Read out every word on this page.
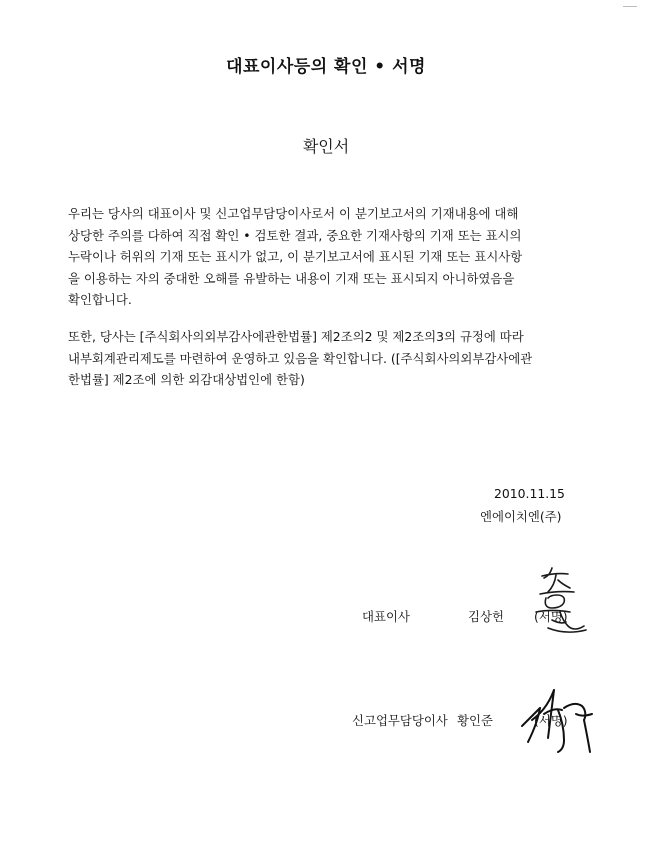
대표이사등의 확인 • 서명
확인서

우리는 당사의 대표이사 및 신고업무담당이사로서 이 분기보고서의 기재내용에 대해
상당한 주의를 다하여 직접 확인 • 검토한 결과, 중요한 기재사항의 기재 또는 표시의
누락이나 허위의 기재 또는 표시가 없고, 이 분기보고서에 표시된 기재 또는 표시사항
을 이용하는 자의 중대한 오해를 유발하는 내용이 기재 또는 표시되지 아니하였음을
확인합니다.

또한, 당사는 [주식회사의외부감사에관한법률] 제2조의2 및 제2조의3의 규정에 따라
내부회계관리제도를 마련하여 운영하고 있음을 확인합니다. ([주식회사의외부감사에관
한법률] 제2조에 의한 외감대상법인에 한함)

2010.11.15
엔에이치엔(주)
대표이사	김상헌 (서명)
신고업무담당이사 황인준	(서명)
